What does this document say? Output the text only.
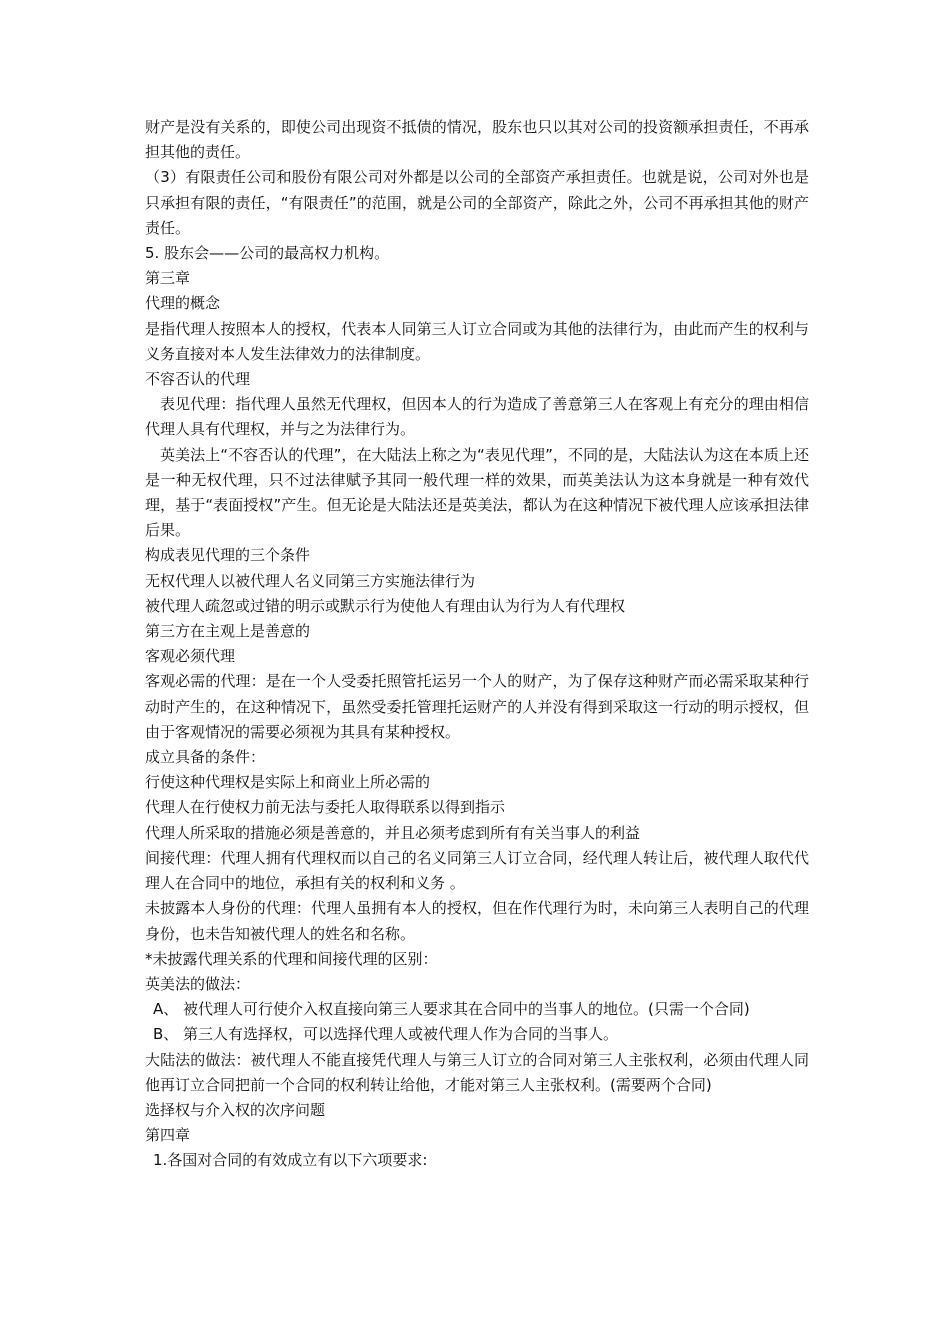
财产是没有关系的，即使公司出现资不抵债的情况，股东也只以其对公司的投资额承担责任，不再承担其他的责任。

（3）有限责任公司和股份有限公司对外都是以公司的全部资产承担责任。也就是说，公司对外也是只承担有限的责任，“有限责任”的范围，就是公司的全部资产，除此之外，公司不再承担其他的财产责任。

5. 股东会——公司的最高权力机构。

第三章

代理的概念

是指代理人按照本人的授权，代表本人同第三人订立合同或为其他的法律行为，由此而产生的权利与义务直接对本人发生法律效力的法律制度。

不容否认的代理

表见代理：指代理人虽然无代理权，但因本人的行为造成了善意第三人在客观上有充分的理由相信代理人具有代理权，并与之为法律行为。

英美法上“不容否认的代理”，在大陆法上称之为“表见代理”，不同的是，大陆法认为这在本质上还是一种无权代理，只不过法律赋予其同一般代理一样的效果，而英美法认为这本身就是一种有效代理，基于“表面授权”产生。但无论是大陆法还是英美法，都认为在这种情况下被代理人应该承担法律后果。

构成表见代理的三个条件

无权代理人以被代理人名义同第三方实施法律行为

被代理人疏忽或过错的明示或默示行为使他人有理由认为行为人有代理权

第三方在主观上是善意的

客观必须代理

客观必需的代理：是在一个人受委托照管托运另一个人的财产，为了保存这种财产而必需采取某种行动时产生的，在这种情况下，虽然受委托管理托运财产的人并没有得到采取这一行动的明示授权，但由于客观情况的需要必须视为其具有某种授权。

成立具备的条件：

行使这种代理权是实际上和商业上所必需的

代理人在行使权力前无法与委托人取得联系以得到指示

代理人所采取的措施必须是善意的，并且必须考虑到所有有关当事人的利益

间接代理：代理人拥有代理权而以自己的名义同第三人订立合同，经代理人转让后，被代理人取代代理人在合同中的地位，承担有关的权利和义务 。

未披露本人身份的代理：代理人虽拥有本人的授权，但在作代理行为时，未向第三人表明自己的代理身份，也未告知被代理人的姓名和名称。

*未披露代理关系的代理和间接代理的区别：

英美法的做法：

A、 被代理人可行使介入权直接向第三人要求其在合同中的当事人的地位。(只需一个合同)

B、 第三人有选择权，可以选择代理人或被代理人作为合同的当事人。

大陆法的做法：被代理人不能直接凭代理人与第三人订立的合同对第三人主张权利，必须由代理人同他再订立合同把前一个合同的权利转让给他，才能对第三人主张权利。(需要两个合同)

选择权与介入权的次序问题

第四章

1.各国对合同的有效成立有以下六项要求:
